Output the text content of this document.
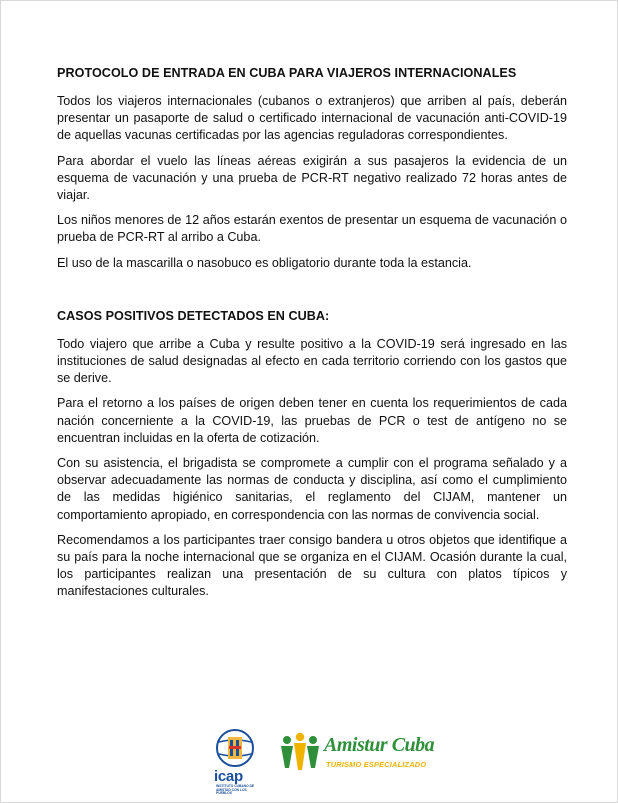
PROTOCOLO DE ENTRADA EN CUBA PARA VIAJEROS INTERNACIONALES

Todos los viajeros internacionales (cubanos o extranjeros) que arriben al país, deberán presentar un pasaporte de salud o certificado internacional de vacunación anti-COVID-19 de aquellas vacunas certificadas por las agencias reguladoras correspondientes.

Para abordar el vuelo las líneas aéreas exigirán a sus pasajeros la evidencia de un esquema de vacunación y una prueba de PCR-RT negativo realizado 72 horas antes de viajar.

Los niños menores de 12 años estarán exentos de presentar un esquema de vacunación o prueba de PCR-RT al arribo a Cuba.

El uso de la mascarilla o nasobuco es obligatorio durante toda la estancia.

CASOS POSITIVOS DETECTADOS EN CUBA:

Todo viajero que arribe a Cuba y resulte positivo a la COVID-19 será ingresado en las instituciones de salud designadas al efecto en cada territorio corriendo con los gastos que se derive.

Para el retorno a los países de origen deben tener en cuenta los requerimientos de cada nación concerniente a la COVID-19, las pruebas de PCR o test de antígeno no se encuentran incluidas en la oferta de cotización.

Con su asistencia, el brigadista se compromete a cumplir con el programa señalado y a observar adecuadamente las normas de conducta y disciplina, así como el cumplimiento de las medidas higiénico sanitarias, el reglamento del CIJAM, mantener un comportamiento apropiado, en correspondencia con las normas de convivencia social.

Recomendamos a los participantes traer consigo bandera u otros objetos que identifique a su país para la noche internacional que se organiza en el CIJAM. Ocasión durante la cual, los participantes realizan una presentación de su cultura con platos típicos y manifestaciones culturales.

icap
INSTITUTO CUBANO DE AMISTAD CON LOS PUEBLOS
Amistur Cuba
TURISMO ESPECIALIZADO
